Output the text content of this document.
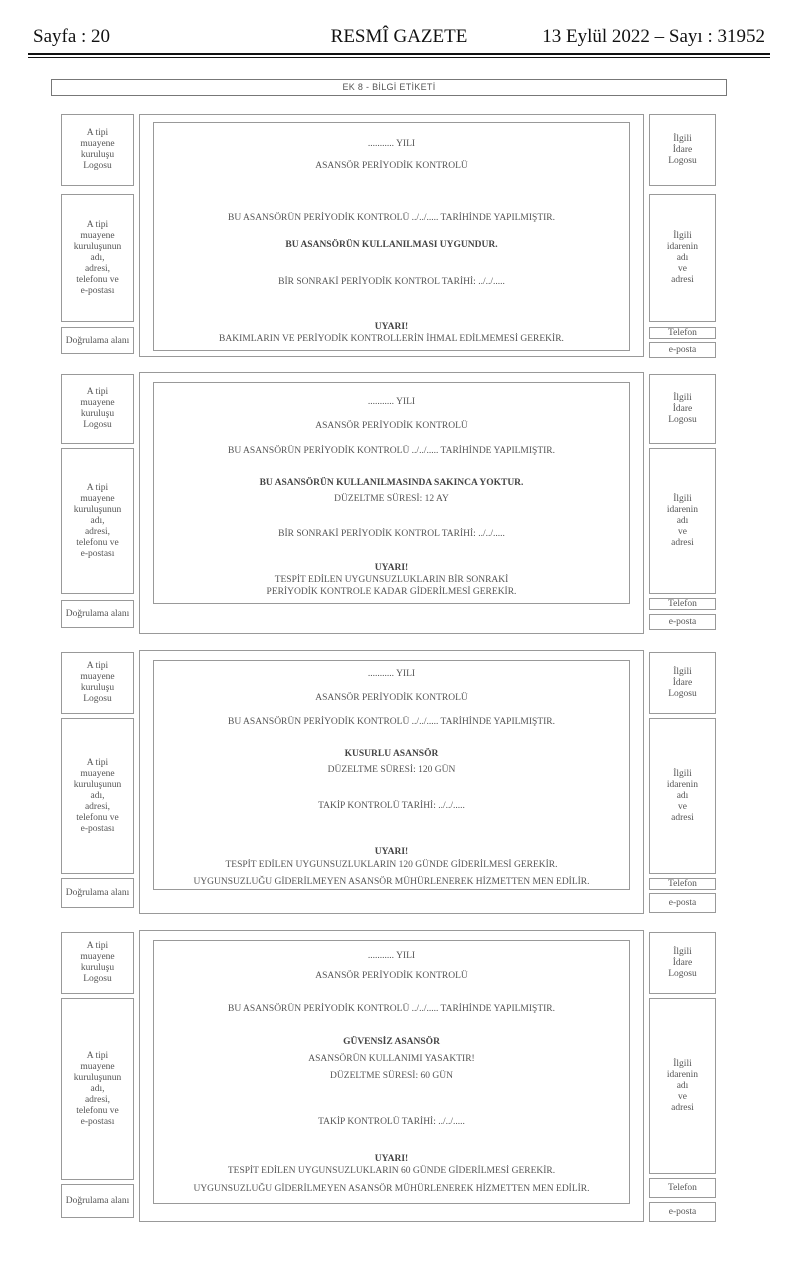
Sayfa : 20	RESMÎ GAZETE	13 Eylül 2022 – Sayı : 31952
EK 8 - BİLGİ ETİKETİ
A tipi
muayene
kuruluşu
Logosu
A tipi
muayene
kuruluşunun
adı,
adresi,
telefonu ve
e-postası
Doğrulama alanı
........... YILI
ASANSÖR PERİYODİK KONTROLÜ
BU ASANSÖRÜN PERİYODİK KONTROLÜ ../../..... TARİHİNDE YAPILMIŞTIR.
BU ASANSÖRÜN KULLANILMASI UYGUNDUR.
BİR SONRAKİ PERİYODİK KONTROL TARİHİ: ../../.....
UYARI!
BAKIMLARIN VE PERİYODİK KONTROLLERİN İHMAL EDİLMEMESİ GEREKİR.
İlgili
İdare
Logosu
İlgili
idarenin
adı
ve
adresi
Telefon
e-posta
A tipi
muayene
kuruluşu
Logosu
A tipi
muayene
kuruluşunun
adı,
adresi,
telefonu ve
e-postası
Doğrulama alanı
........... YILI
ASANSÖR PERİYODİK KONTROLÜ
BU ASANSÖRÜN PERİYODİK KONTROLÜ ../../..... TARİHİNDE YAPILMIŞTIR.
BU ASANSÖRÜN KULLANILMASINDA SAKINCA YOKTUR.
DÜZELTME SÜRESİ: 12 AY
BİR SONRAKİ PERİYODİK KONTROL TARİHİ: ../../.....
UYARI!
TESPİT EDİLEN UYGUNSUZLUKLARIN BİR SONRAKİ
PERİYODİK KONTROLE KADAR GİDERİLMESİ GEREKİR.
İlgili
İdare
Logosu
İlgili
idarenin
adı
ve
adresi
Telefon
e-posta
A tipi
muayene
kuruluşu
Logosu
A tipi
muayene
kuruluşunun
adı,
adresi,
telefonu ve
e-postası
Doğrulama alanı
........... YILI
ASANSÖR PERİYODİK KONTROLÜ
BU ASANSÖRÜN PERİYODİK KONTROLÜ ../../..... TARİHİNDE YAPILMIŞTIR.
KUSURLU ASANSÖR
DÜZELTME SÜRESİ: 120 GÜN
TAKİP KONTROLÜ TARİHİ: ../../.....
UYARI!
TESPİT EDİLEN UYGUNSUZLUKLARIN 120 GÜNDE GİDERİLMESİ GEREKİR.
UYGUNSUZLUĞU GİDERİLMEYEN ASANSÖR MÜHÜRLENEREK HİZMETTEN MEN EDİLİR.
İlgili
İdare
Logosu
İlgili
idarenin
adı
ve
adresi
Telefon
e-posta
A tipi
muayene
kuruluşu
Logosu
A tipi
muayene
kuruluşunun
adı,
adresi,
telefonu ve
e-postası
Doğrulama alanı
........... YILI
ASANSÖR PERİYODİK KONTROLÜ
BU ASANSÖRÜN PERİYODİK KONTROLÜ ../../..... TARİHİNDE YAPILMIŞTIR.
GÜVENSİZ ASANSÖR
ASANSÖRÜN KULLANIMI YASAKTIR!
DÜZELTME SÜRESİ: 60 GÜN
TAKİP KONTROLÜ TARİHİ: ../../.....
UYARI!
TESPİT EDİLEN UYGUNSUZLUKLARIN 60 GÜNDE GİDERİLMESİ GEREKİR.
UYGUNSUZLUĞU GİDERİLMEYEN ASANSÖR MÜHÜRLENEREK HİZMETTEN MEN EDİLİR.
İlgili
İdare
Logosu
İlgili
idarenin
adı
ve
adresi
Telefon
e-posta
